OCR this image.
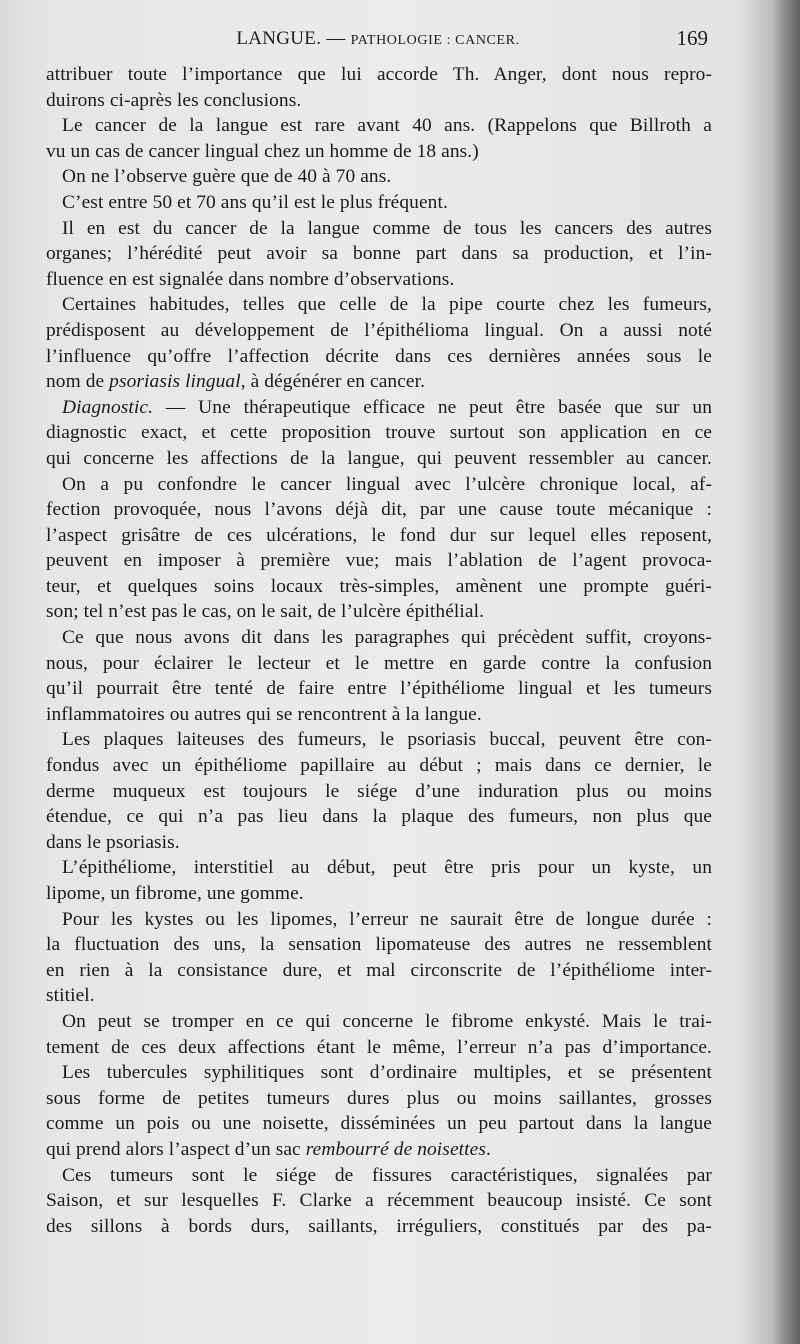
LANGUE. — PATHOLOGIE : CANCER.	169
attribuer toute l’importance que lui accorde Th. Anger, dont nous repro-
duirons ci-après les conclusions.
Le cancer de la langue est rare avant 40 ans. (Rappelons que Billroth a
vu un cas de cancer lingual chez un homme de 18 ans.)
On ne l’observe guère que de 40 à 70 ans.
C’est entre 50 et 70 ans qu’il est le plus fréquent.
Il en est du cancer de la langue comme de tous les cancers des autres
organes; l’hérédité peut avoir sa bonne part dans sa production, et l’in-
fluence en est signalée dans nombre d’observations.
Certaines habitudes, telles que celle de la pipe courte chez les fumeurs,
prédisposent au développement de l’épithélioma lingual. On a aussi noté
l’influence qu’offre l’affection décrite dans ces dernières années sous le
nom de psoriasis lingual, à dégénérer en cancer.
Diagnostic. — Une thérapeutique efficace ne peut être basée que sur un
diagnostic exact, et cette proposition trouve surtout son application en ce
qui concerne les affections de la langue, qui peuvent ressembler au cancer.
On a pu confondre le cancer lingual avec l’ulcère chronique local, af-
fection provoquée, nous l’avons déjà dit, par une cause toute mécanique :
l’aspect grisâtre de ces ulcérations, le fond dur sur lequel elles reposent,
peuvent en imposer à première vue; mais l’ablation de l’agent provoca-
teur, et quelques soins locaux très-simples, amènent une prompte guéri-
son; tel n’est pas le cas, on le sait, de l’ulcère épithélial.
Ce que nous avons dit dans les paragraphes qui précèdent suffit, croyons-
nous, pour éclairer le lecteur et le mettre en garde contre la confusion
qu’il pourrait être tenté de faire entre l’épithéliome lingual et les tumeurs
inflammatoires ou autres qui se rencontrent à la langue.
Les plaques laiteuses des fumeurs, le psoriasis buccal, peuvent être con-
fondus avec un épithéliome papillaire au début ; mais dans ce dernier, le
derme muqueux est toujours le siége d’une induration plus ou moins
étendue, ce qui n’a pas lieu dans la plaque des fumeurs, non plus que
dans le psoriasis.
L’épithéliome, interstitiel au début, peut être pris pour un kyste, un
lipome, un fibrome, une gomme.
Pour les kystes ou les lipomes, l’erreur ne saurait être de longue durée :
la fluctuation des uns, la sensation lipomateuse des autres ne ressemblent
en rien à la consistance dure, et mal circonscrite de l’épithéliome inter-
stitiel.
On peut se tromper en ce qui concerne le fibrome enkysté. Mais le trai-
tement de ces deux affections étant le même, l’erreur n’a pas d’importance.
Les tubercules syphilitiques sont d’ordinaire multiples, et se présentent
sous forme de petites tumeurs dures plus ou moins saillantes, grosses
comme un pois ou une noisette, disséminées un peu partout dans la langue
qui prend alors l’aspect d’un sac rembourré de noisettes.
Ces tumeurs sont le siége de fissures caractéristiques, signalées par
Saison, et sur lesquelles F. Clarke a récemment beaucoup insisté. Ce sont
des sillons à bords durs, saillants, irréguliers, constitués par des pa-
